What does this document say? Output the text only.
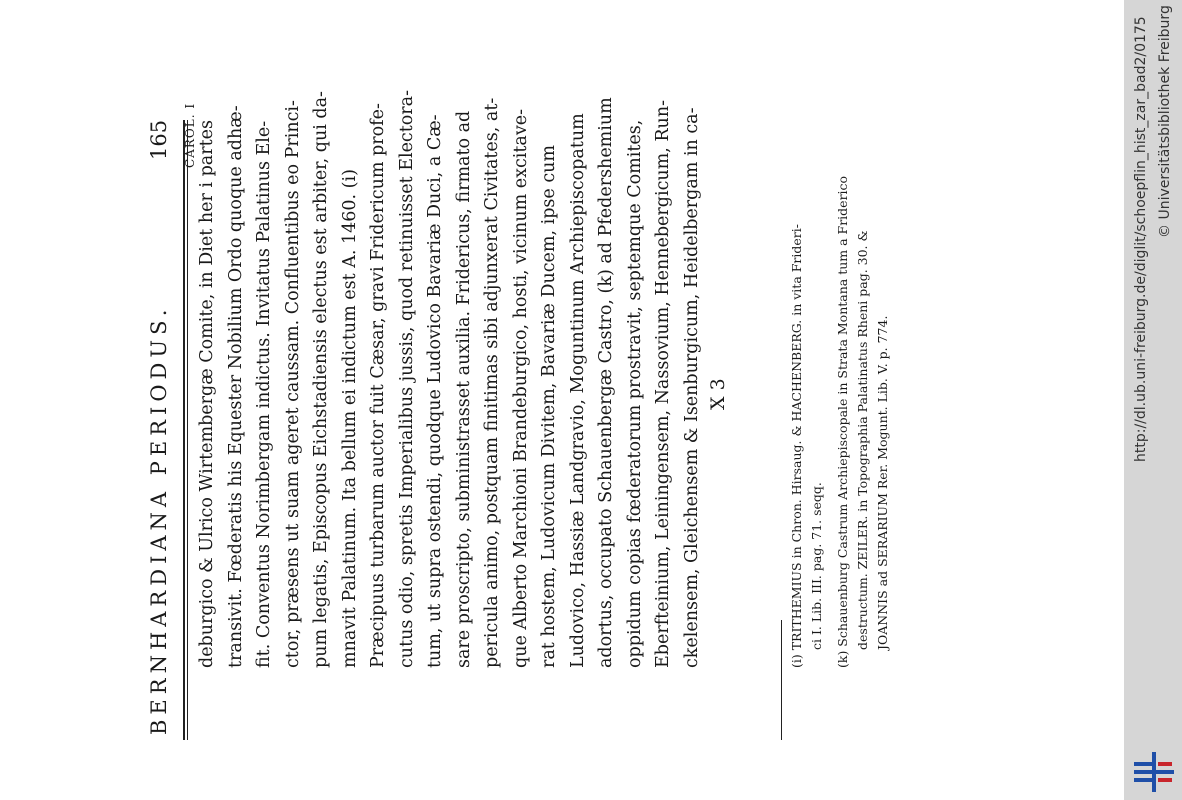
BERNHARDIANA PERIODUS.
165 CAROL. I deburgico & Ulrico Wirtembergæ Comite, in Diet her i partes transivit. Fœderatis his Equester Nobilium Ordo quoque adhæ- fit. Conventus Norimbergam indictus. Invitatus Palatinus Ele- ctor, præsens ut suam ageret caussam. Confluentibus eo Princi- pum legatis, Episcopus Eichstadiensis electus est arbiter, qui da- mnavit Palatinum. Ita bellum ei indictum est A. 1460. (i) Præcipuus turbarum auctor fuit Cæsar, gravi Fridericum profe- cutus odio, spretis Imperialibus jussis, quod retinuisset Electora- tum, ut supra ostendi, quodque Ludovico Bavariæ Duci, a Cæ- sare proscripto, subministrasset auxilia. Fridericus, firmato ad pericula animo, postquam finitimas sibi adjunxerat Civitates, at- que Alberto Marchioni Brandeburgico, hosti, vicinum excitave- rat hostem, Ludovicum Divitem, Bavariæ Ducem, ipse cum Ludovico, Hassiæ Landgravio, Moguntinum Archiepiscopatum adortus, occupato Schauenbergæ Castro, (k) ad Pfedershemium oppidum copias fœderatorum prostravit, septemque Comites, Eberfteinium, Leiningensem, Nassovium, Hennebergicum, Run- ckelensem, Gleichensem & Isenburgicum, Heidelbergam in ca- X 3	(i) TRITHEMIUS in Chron. Hirsaug. & HACHENBERG. in vita Frideri- ci I. Lib. III. pag. 71. seqq. (k) Schauenburg Castrum Archiepiscopale in Strata Montana tum a Friderico destructum. ZEILER. in Topographia Palatinatus Rheni pag. 30. & JOANNIS ad SERARIUM Rer. Mogunt. Lib. V. p. 774.
http://dl.ub.uni-freiburg.de/diglit/schoepflin_hist_zar_bad2/0175 © Universitätsbibliothek Freiburg
